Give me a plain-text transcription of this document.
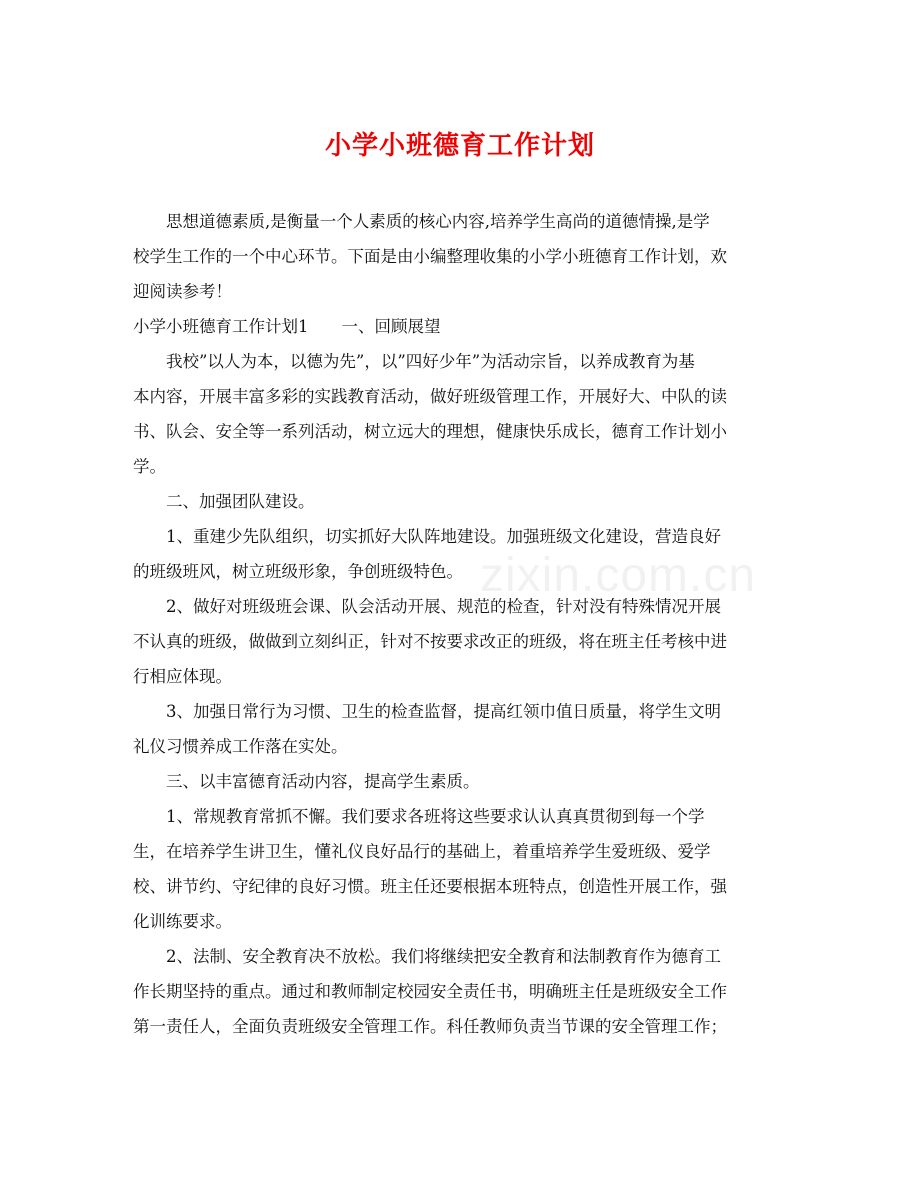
zixin.com.cn
小学小班德育工作计划
　　思想道德素质,是衡量一个人素质的核心内容,培养学生高尚的道德情操,是学
校学生工作的一个中心环节。下面是由小编整理收集的小学小班德育工作计划，欢
迎阅读参考！
小学小班德育工作计划1　　一、回顾展望
　　我校”以人为本，以德为先”，以”四好少年”为活动宗旨，以养成教育为基
本内容，开展丰富多彩的实践教育活动，做好班级管理工作，开展好大、中队的读
书、队会、安全等一系列活动，树立远大的理想，健康快乐成长，德育工作计划小
学。
　　二、加强团队建设。
　　1、重建少先队组织，切实抓好大队阵地建设。加强班级文化建设，营造良好
的班级班风，树立班级形象，争创班级特色。
　　2、做好对班级班会课、队会活动开展、规范的检查，针对没有特殊情况开展
不认真的班级，做做到立刻纠正，针对不按要求改正的班级，将在班主任考核中进
行相应体现。
　　3、加强日常行为习惯、卫生的检查监督，提高红领巾值日质量，将学生文明
礼仪习惯养成工作落在实处。
　　三、以丰富德育活动内容，提高学生素质。
　　1、常规教育常抓不懈。我们要求各班将这些要求认认真真贯彻到每一个学
生，在培养学生讲卫生，懂礼仪良好品行的基础上，着重培养学生爱班级、爱学
校、讲节约、守纪律的良好习惯。班主任还要根据本班特点，创造性开展工作，强
化训练要求。
　　2、法制、安全教育决不放松。我们将继续把安全教育和法制教育作为德育工
作长期坚持的重点。通过和教师制定校园安全责任书，明确班主任是班级安全工作
第一责任人，全面负责班级安全管理工作。科任教师负责当节课的安全管理工作；
